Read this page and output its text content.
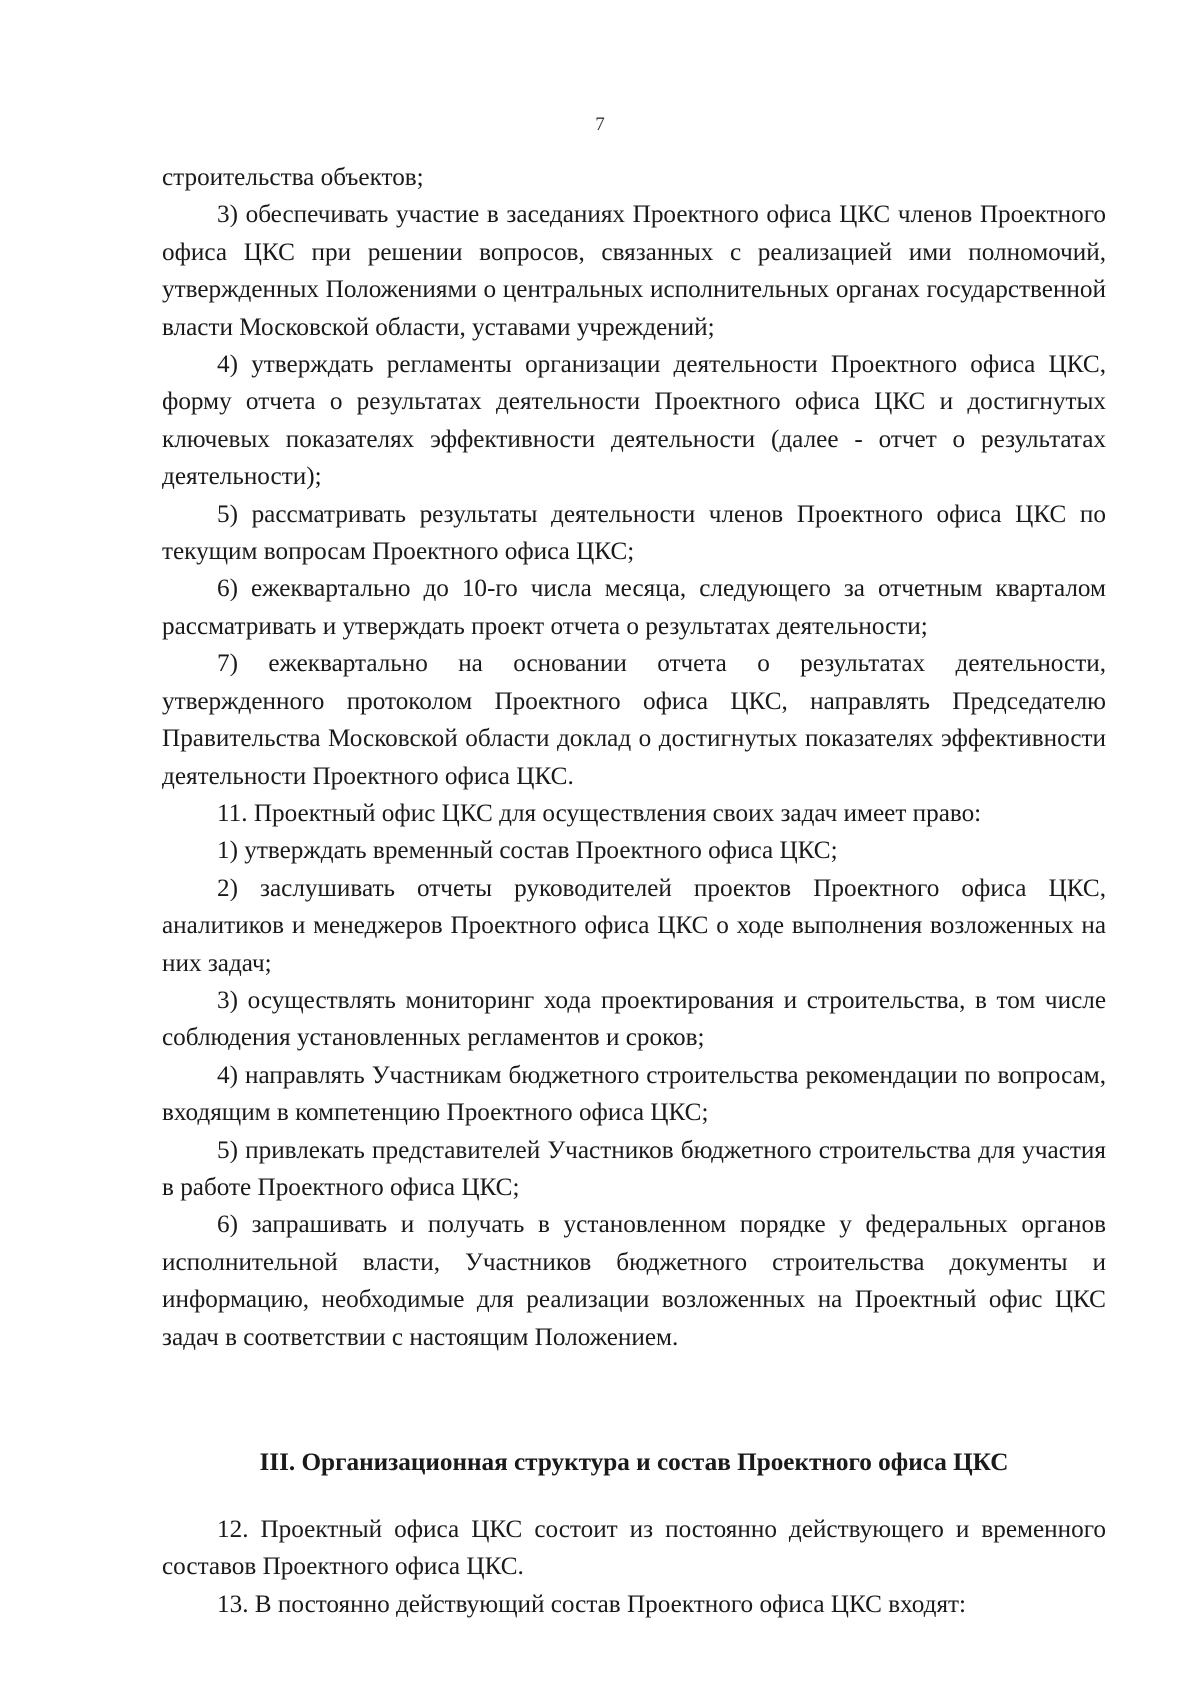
7

строительства объектов;

3) обеспечивать участие в заседаниях Проектного офиса ЦКС членов Проектного офиса ЦКС при решении вопросов, связанных с реализацией ими полномочий, утвержденных Положениями о центральных исполнительных органах государственной власти Московской области, уставами учреждений;

4) утверждать регламенты организации деятельности Проектного офиса ЦКС, форму отчета о результатах деятельности Проектного офиса ЦКС и достигнутых ключевых показателях эффективности деятельности (далее - отчет о результатах деятельности);

5) рассматривать результаты деятельности членов Проектного офиса ЦКС по текущим вопросам Проектного офиса ЦКС;

6) ежеквартально до 10-го числа месяца, следующего за отчетным кварталом рассматривать и утверждать проект отчета о результатах деятельности;

7) ежеквартально на основании отчета о результатах деятельности, утвержденного протоколом Проектного офиса ЦКС, направлять Председателю Правительства Московской области доклад о достигнутых показателях эффективности деятельности Проектного офиса ЦКС.

11. Проектный офис ЦКС для осуществления своих задач имеет право:

1) утверждать временный состав Проектного офиса ЦКС;

2) заслушивать отчеты руководителей проектов Проектного офиса ЦКС, аналитиков и менеджеров Проектного офиса ЦКС о ходе выполнения возложенных на них задач;

3) осуществлять мониторинг хода проектирования и строительства, в том числе соблюдения установленных регламентов и сроков;

4) направлять Участникам бюджетного строительства рекомендации по вопросам, входящим в компетенцию Проектного офиса ЦКС;

5) привлекать представителей Участников бюджетного строительства для участия в работе Проектного офиса ЦКС;

6) запрашивать и получать в установленном порядке у федеральных органов исполнительной власти, Участников бюджетного строительства документы и информацию, необходимые для реализации возложенных на Проектный офис ЦКС задач в соответствии с настоящим Положением.

III. Организационная структура и состав Проектного офиса ЦКС

12. Проектный офиса ЦКС состоит из постоянно действующего и временного составов Проектного офиса ЦКС.

13. В постоянно действующий состав Проектного офиса ЦКС входят:
